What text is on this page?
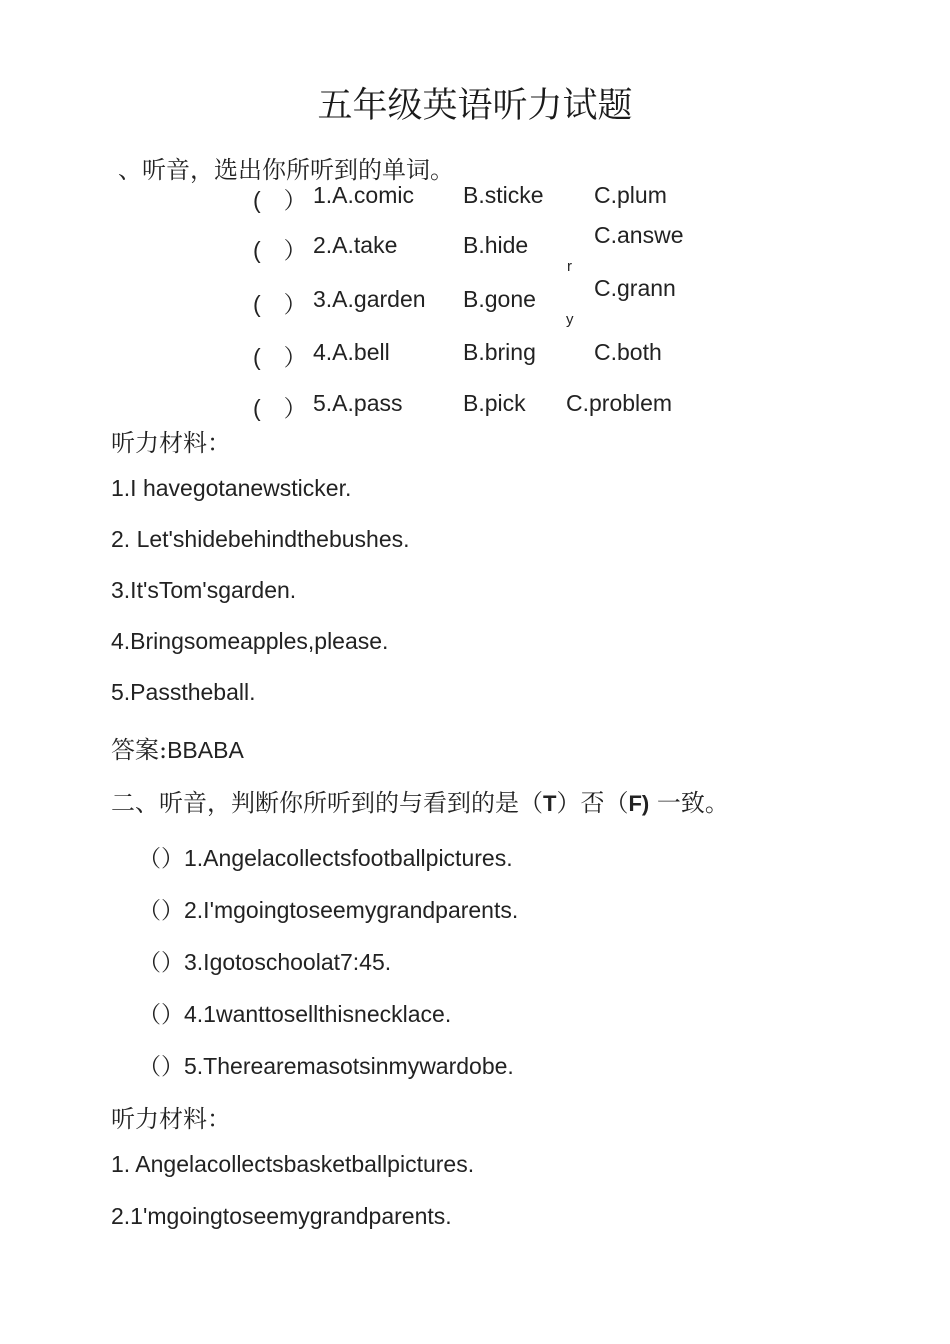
五年级英语听力试题
、听音，选出你所听到的单词。
(　） 1.A.comic B.sticke C.plum
(　） 2.A.take	B.hide	C.answe
r
(　） 3.A.garden B.gone	C.grann
y
(　） 4.A.bell	B.bring	C.both
(　） 5.A.pass	B.pick C.problem
听力材料：
1.I havegotanewsticker.
2. Let'shidebehindthebushes.
3.It'sTom'sgarden.
4.Bringsomeapples,please.
5.Passtheball.
答案:BBABA
二、听音，判断你所听到的与看到的是（T）否（F) 一致。
（）1.Angelacollectsfootballpictures.
（）2.I'mgoingtoseemygrandparents.
（）3.Igotoschoolat7:45.
（）4.1wanttosellthisnecklace.
（）5.Therearemasotsinmywardobe.
听力材料：
1. Angelacollectsbasketballpictures.
2.1'mgoingtoseemygrandparents.
